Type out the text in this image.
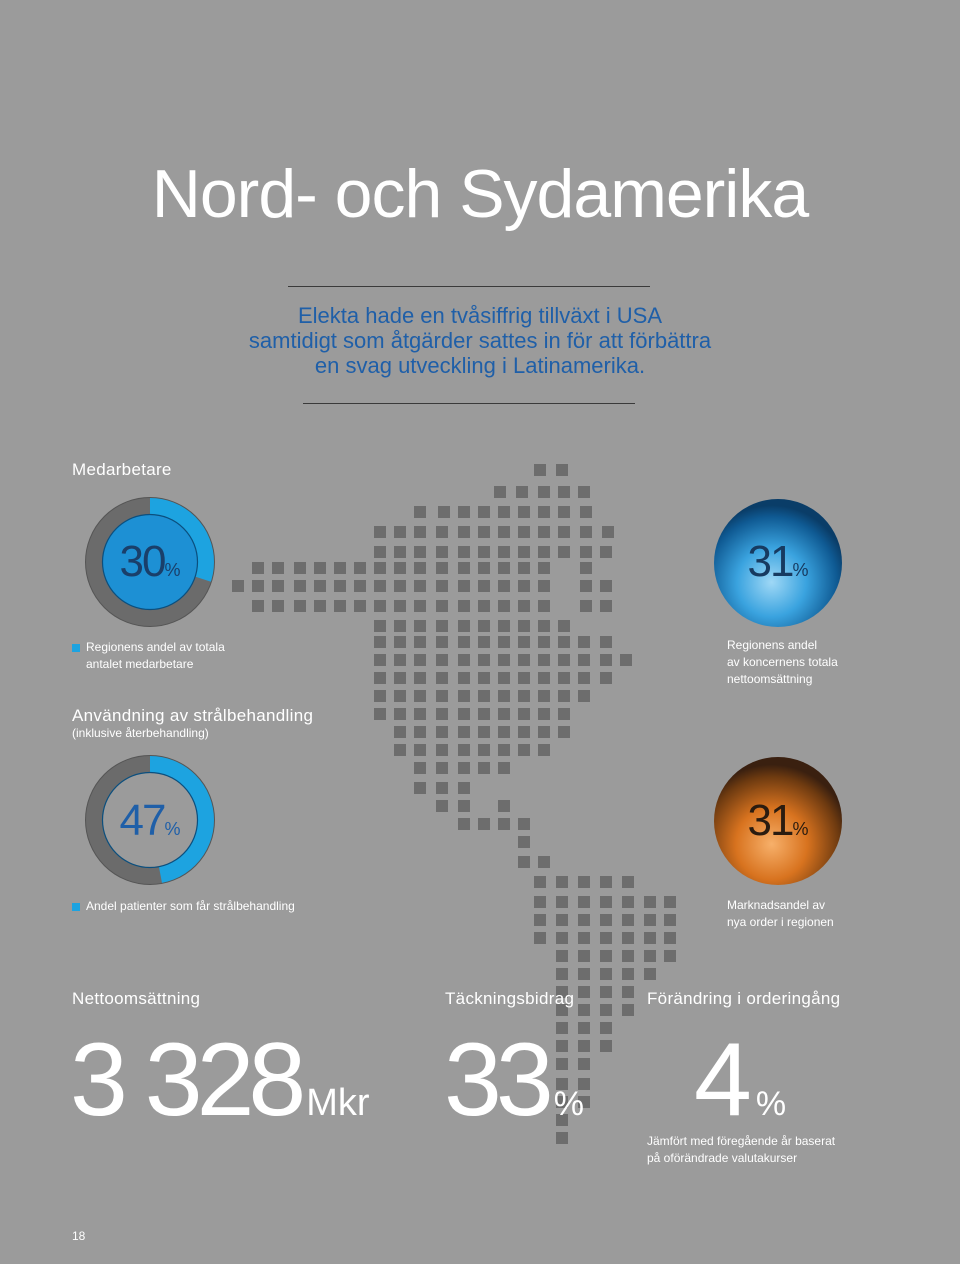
Nord- och Sydamerika
Elekta hade en tvåsiffrig tillväxt i USA
samtidigt som åtgärder sattes in för att förbättra
en svag utveckling i Latinamerika.
Medarbetare
30%
Regionens andel av totala
antalet medarbetare
Användning av strålbehandling
(inklusive återbehandling)
47%
Andel patienter som får strålbehandling
31%
Regionens andel
av koncernens totala
nettoomsättning
31%
Marknadsandel av
nya order i regionen
Nettoomsättning
3 328 Mkr
Täckningsbidrag
33 %
Förändring i orderingång
4 %
Jämfört med föregående år baserat
på oförändrade valutakurser
18
